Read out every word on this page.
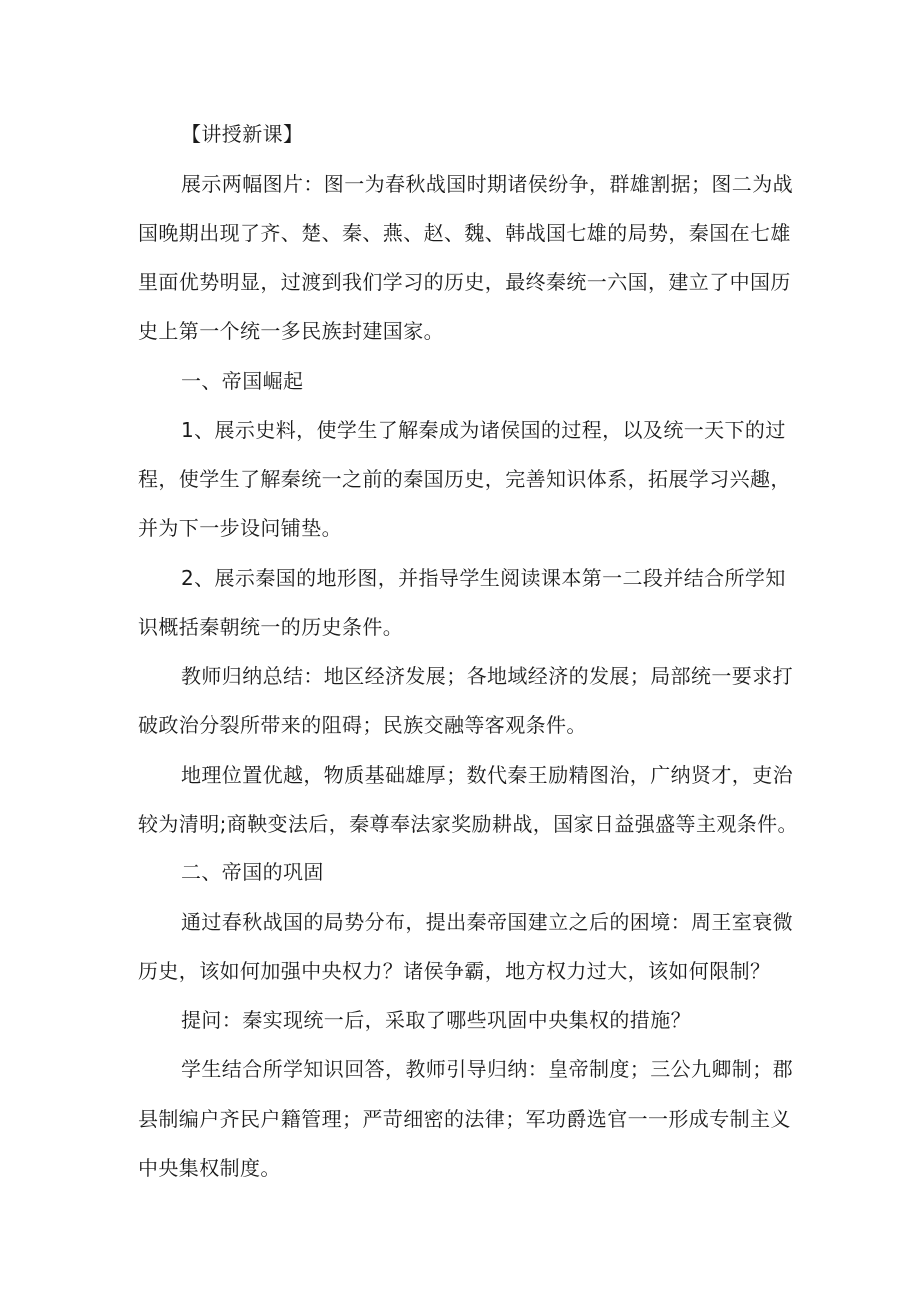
【讲授新课】
展示两幅图片：图一为春秋战国时期诸侯纷争，群雄割据；图二为战
国晚期出现了齐、楚、秦、燕、赵、魏、韩战国七雄的局势，秦国在七雄
里面优势明显，过渡到我们学习的历史，最终秦统一六国，建立了中国历
史上第一个统一多民族封建国家。
一、帝国崛起
1、展示史料，使学生了解秦成为诸侯国的过程，以及统一天下的过
程，使学生了解秦统一之前的秦国历史，完善知识体系，拓展学习兴趣，
并为下一步设问铺垫。
2、展示秦国的地形图，并指导学生阅读课本第一二段并结合所学知
识概括秦朝统一的历史条件。
教师归纳总结：地区经济发展；各地域经济的发展；局部统一要求打
破政治分裂所带来的阻碍；民族交融等客观条件。
地理位置优越，物质基础雄厚；数代秦王励精图治，广纳贤才，吏治
较为清明;商鞅变法后，秦尊奉法家奖励耕战，国家日益强盛等主观条件。
二、帝国的巩固
通过春秋战国的局势分布，提出秦帝国建立之后的困境：周王室衰微
历史，该如何加强中央权力？诸侯争霸，地方权力过大，该如何限制？
提问：秦实现统一后，采取了哪些巩固中央集权的措施？
学生结合所学知识回答，教师引导归纳：皇帝制度；三公九卿制；郡
县制编户齐民户籍管理；严苛细密的法律；军功爵选官一一形成专制主义
中央集权制度。
